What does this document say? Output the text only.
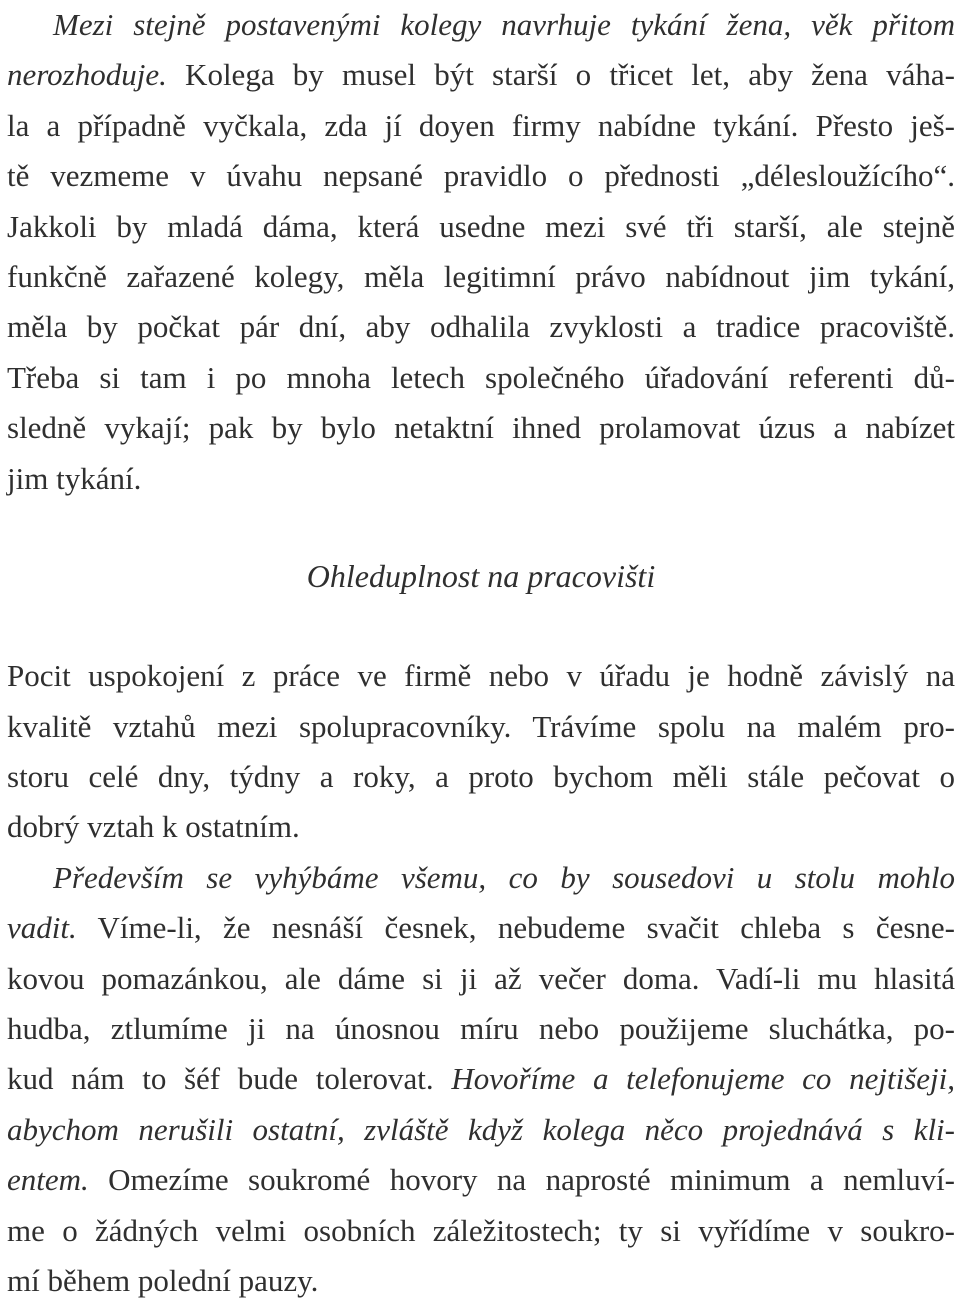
Mezi stejně postavenými kolegy navrhuje tykání žena, věk přitom
nerozhoduje. Kolega by musel být starší o třicet let, aby žena váha-
la a případně vyčkala, zda jí doyen firmy nabídne tykání. Přesto ješ-
tě vezmeme v úvahu nepsané pravidlo o přednosti „délesloužícího“.
Jakkoli by mladá dáma, která usedne mezi své tři starší, ale stejně
funkčně zařazené kolegy, měla legitimní právo nabídnout jim tykání,
měla by počkat pár dní, aby odhalila zvyklosti a tradice pracoviště.
Třeba si tam i po mnoha letech společného úřadování referenti dů-
sledně vykají; pak by bylo netaktní ihned prolamovat úzus a nabízet
jim tykání.
Ohleduplnost na pracovišti
Pocit uspokojení z práce ve firmě nebo v úřadu je hodně závislý na
kvalitě vztahů mezi spolupracovníky. Trávíme spolu na malém pro-
storu celé dny, týdny a roky, a proto bychom měli stále pečovat o
dobrý vztah k ostatním.
Především se vyhýbáme všemu, co by sousedovi u stolu mohlo
vadit. Víme-li, že nesnáší česnek, nebudeme svačit chleba s česne-
kovou pomazánkou, ale dáme si ji až večer doma. Vadí-li mu hlasitá
hudba, ztlumíme ji na únosnou míru nebo použijeme sluchátka, po-
kud nám to šéf bude tolerovat. Hovoříme a telefonujeme co nejtišeji,
abychom nerušili ostatní, zvláště když kolega něco projednává s kli-
entem. Omezíme soukromé hovory na naprosté minimum a nemluví-
me o žádných velmi osobních záležitostech; ty si vyřídíme v soukro-
mí během polední pauzy.
